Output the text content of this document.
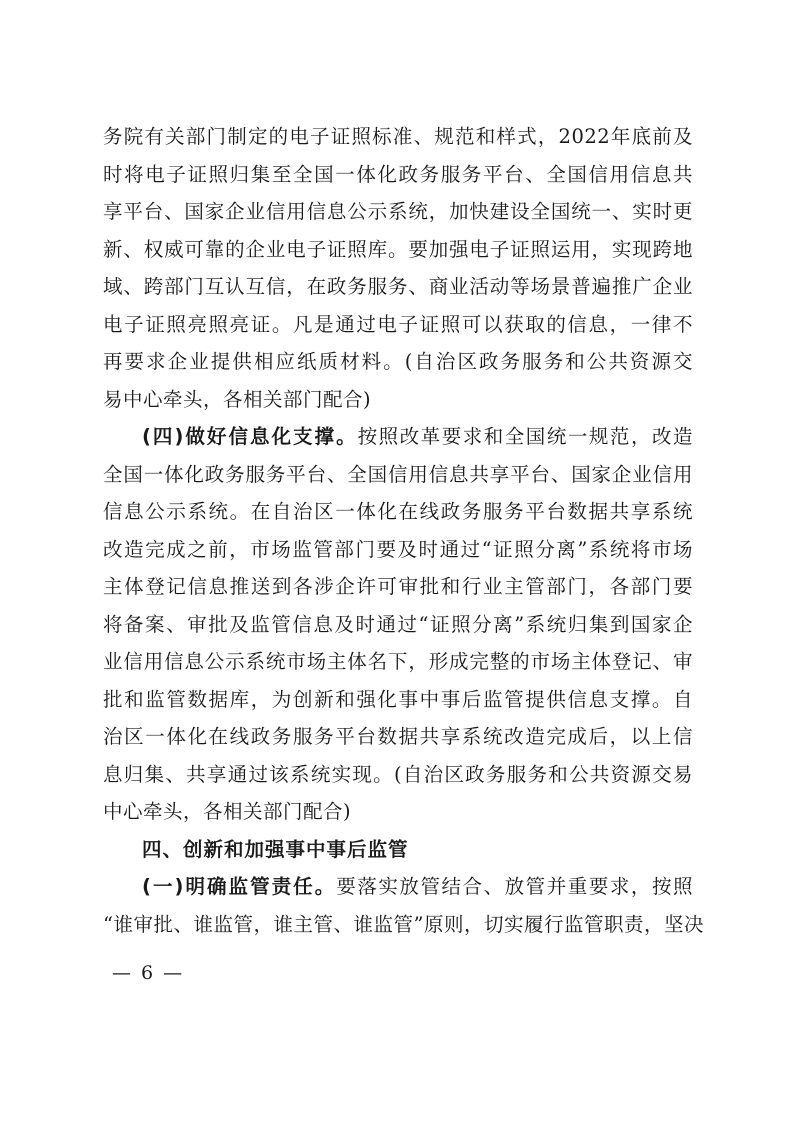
务院有关部门制定的电子证照标准、规范和样式，2022年底前及
时将电子证照归集至全国一体化政务服务平台、全国信用信息共
享平台、国家企业信用信息公示系统，加快建设全国统一、实时更
新、权威可靠的企业电子证照库。要加强电子证照运用，实现跨地
域、跨部门互认互信，在政务服务、商业活动等场景普遍推广企业
电子证照亮照亮证。凡是通过电子证照可以获取的信息，一律不
再要求企业提供相应纸质材料。(自治区政务服务和公共资源交
易中心牵头，各相关部门配合)
(四)做好信息化支撑。按照改革要求和全国统一规范，改造
全国一体化政务服务平台、全国信用信息共享平台、国家企业信用
信息公示系统。在自治区一体化在线政务服务平台数据共享系统
改造完成之前，市场监管部门要及时通过“证照分离”系统将市场
主体登记信息推送到各涉企许可审批和行业主管部门，各部门要
将备案、审批及监管信息及时通过“证照分离”系统归集到国家企
业信用信息公示系统市场主体名下，形成完整的市场主体登记、审
批和监管数据库，为创新和强化事中事后监管提供信息支撑。自
治区一体化在线政务服务平台数据共享系统改造完成后，以上信
息归集、共享通过该系统实现。(自治区政务服务和公共资源交易
中心牵头，各相关部门配合)
四、创新和加强事中事后监管
(一)明确监管责任。要落实放管结合、放管并重要求，按照
“谁审批、谁监管，谁主管、谁监管”原则，切实履行监管职责，坚决
— 6 —
